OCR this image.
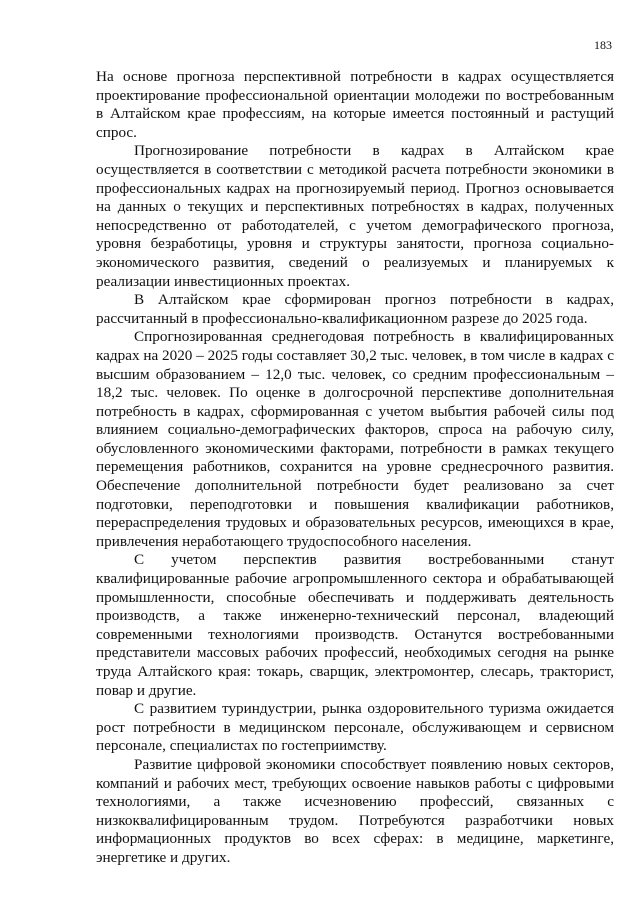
183

На основе прогноза перспективной потребности в кадрах осуществляется проектирование профессиональной ориентации молодежи по востребованным в Алтайском крае профессиям, на которые имеется постоянный и растущий спрос.

Прогнозирование потребности в кадрах в Алтайском крае осуществляется в соответствии с методикой расчета потребности экономики в профессиональных кадрах на прогнозируемый период. Прогноз основывается на данных о текущих и перспективных потребностях в кадрах, полученных непосредственно от работодателей, с учетом демографического прогноза, уровня безработицы, уровня и структуры занятости, прогноза социально-экономического развития, сведений о реализуемых и планируемых к реализации инвестиционных проектах.

В Алтайском крае сформирован прогноз потребности в кадрах, рассчитанный в профессионально-квалификационном разрезе до 2025 года.

Спрогнозированная среднегодовая потребность в квалифицированных кадрах на 2020 – 2025 годы составляет 30,2 тыс. человек, в том числе в кадрах с высшим образованием – 12,0 тыс. человек, со средним профессиональным – 18,2 тыс. человек. По оценке в долгосрочной перспективе дополнительная потребность в кадрах, сформированная с учетом выбытия рабочей силы под влиянием социально-демографических факторов, спроса на рабочую силу, обусловленного экономическими факторами, потребности в рамках текущего перемещения работников, сохранится на уровне среднесрочного развития. Обеспечение дополнительной потребности будет реализовано за счет подготовки, переподготовки и повышения квалификации работников, перераспределения трудовых и образовательных ресурсов, имеющихся в крае, привлечения неработающего трудоспособного населения.

С учетом перспектив развития востребованными станут квалифицированные рабочие агропромышленного сектора и обрабатывающей промышленности, способные обеспечивать и поддерживать деятельность производств, а также инженерно-технический персонал, владеющий современными технологиями производств. Останутся востребованными представители массовых рабочих профессий, необходимых сегодня на рынке труда Алтайского края: токарь, сварщик, электромонтер, слесарь, тракторист, повар и другие.

С развитием туриндустрии, рынка оздоровительного туризма ожидается рост потребности в медицинском персонале, обслуживающем и сервисном персонале, специалистах по гостеприимству.

Развитие цифровой экономики способствует появлению новых секторов, компаний и рабочих мест, требующих освоение навыков работы с цифровыми технологиями, а также исчезновению профессий, связанных с низкоквалифицированным трудом. Потребуются разработчики новых информационных продуктов во всех сферах: в медицине, маркетинге, энергетике и других.
